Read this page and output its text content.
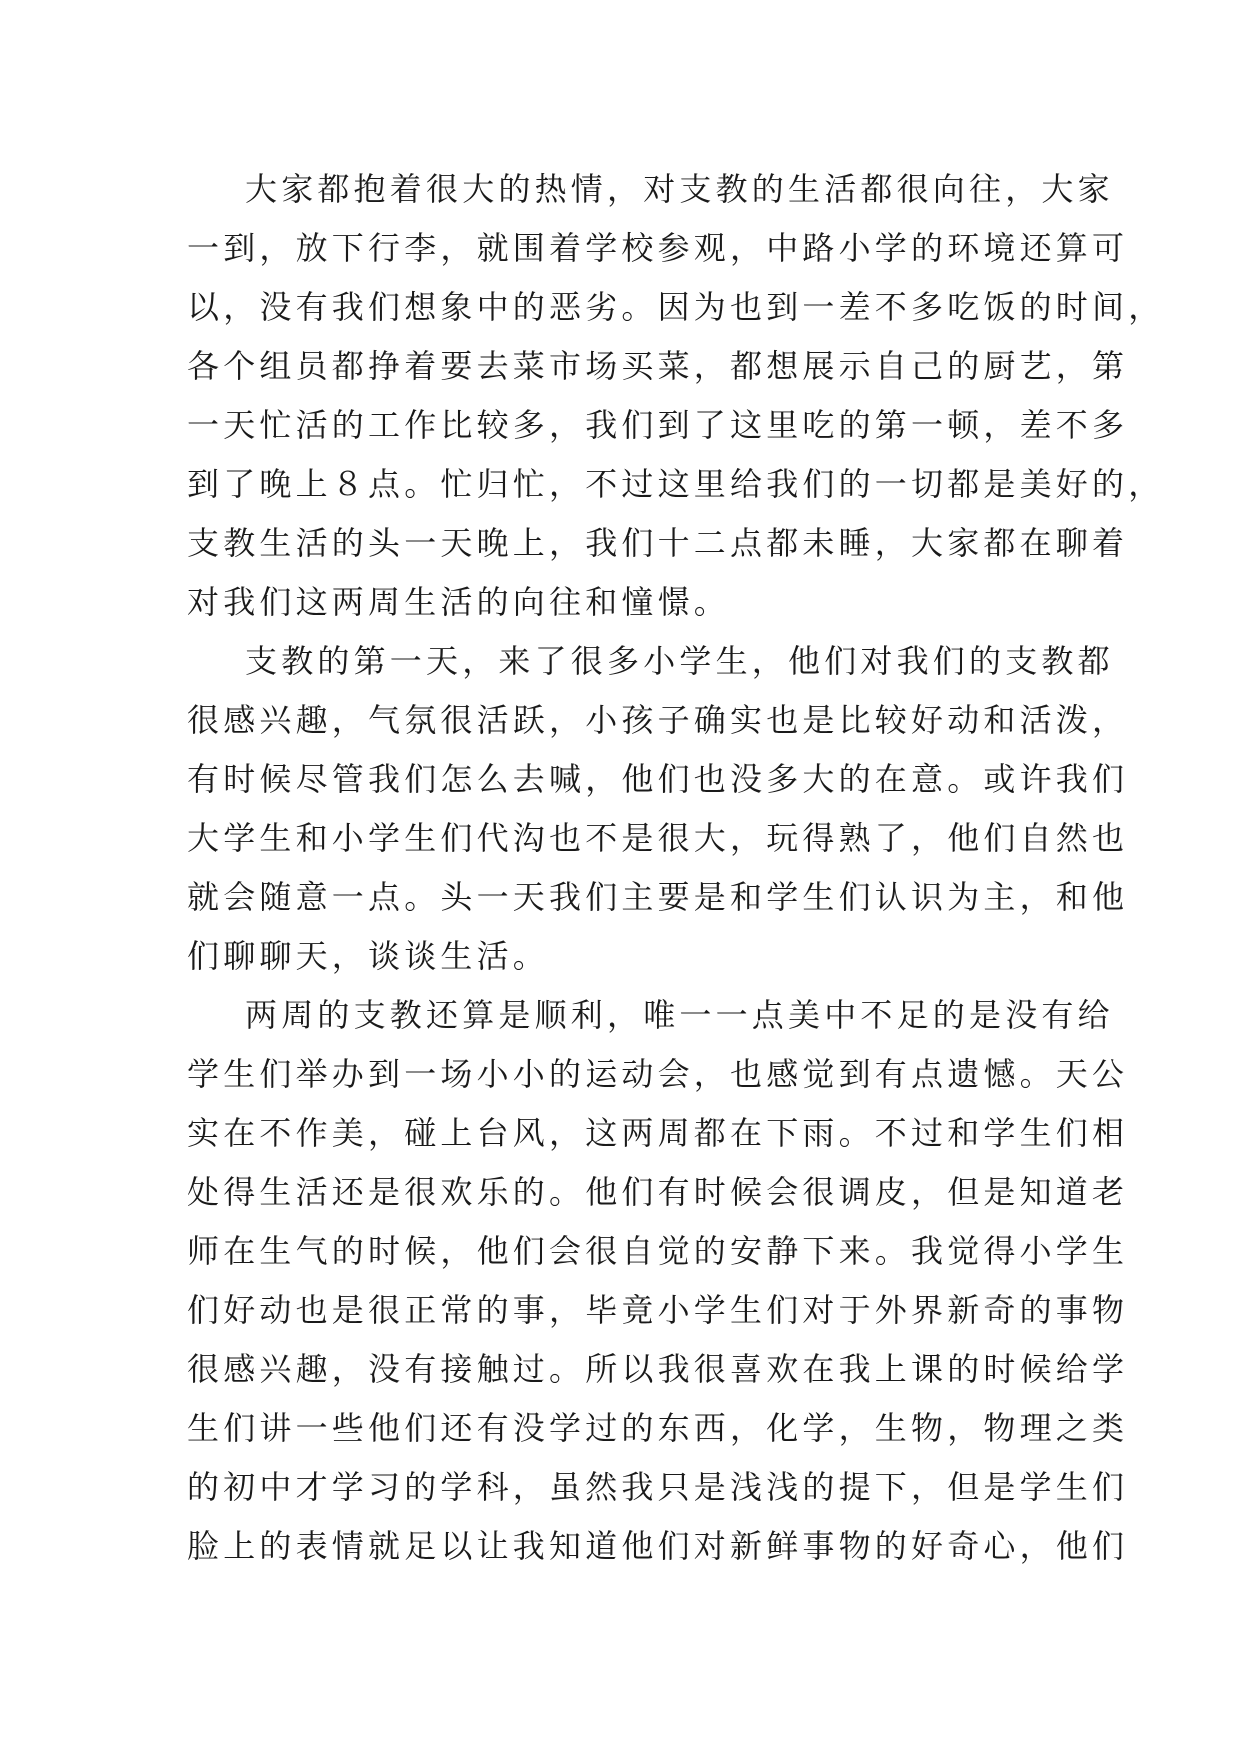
大家都抱着很大的热情，对支教的生活都很向往，大家
一到，放下行李，就围着学校参观，中路小学的环境还算可
以，没有我们想象中的恶劣。因为也到一差不多吃饭的时间，
各个组员都挣着要去菜市场买菜，都想展示自己的厨艺，第
一天忙活的工作比较多，我们到了这里吃的第一顿，差不多
到了晚上８点。忙归忙，不过这里给我们的一切都是美好的，
支教生活的头一天晚上，我们十二点都未睡，大家都在聊着
对我们这两周生活的向往和憧憬。
支教的第一天，来了很多小学生，他们对我们的支教都
很感兴趣，气氛很活跃，小孩子确实也是比较好动和活泼，
有时候尽管我们怎么去喊，他们也没多大的在意。或许我们
大学生和小学生们代沟也不是很大，玩得熟了，他们自然也
就会随意一点。头一天我们主要是和学生们认识为主，和他
们聊聊天，谈谈生活。
两周的支教还算是顺利，唯一一点美中不足的是没有给
学生们举办到一场小小的运动会，也感觉到有点遗憾。天公
实在不作美，碰上台风，这两周都在下雨。不过和学生们相
处得生活还是很欢乐的。他们有时候会很调皮，但是知道老
师在生气的时候，他们会很自觉的安静下来。我觉得小学生
们好动也是很正常的事，毕竟小学生们对于外界新奇的事物
很感兴趣，没有接触过。所以我很喜欢在我上课的时候给学
生们讲一些他们还有没学过的东西，化学，生物，物理之类
的初中才学习的学科，虽然我只是浅浅的提下，但是学生们
脸上的表情就足以让我知道他们对新鲜事物的好奇心，他们
